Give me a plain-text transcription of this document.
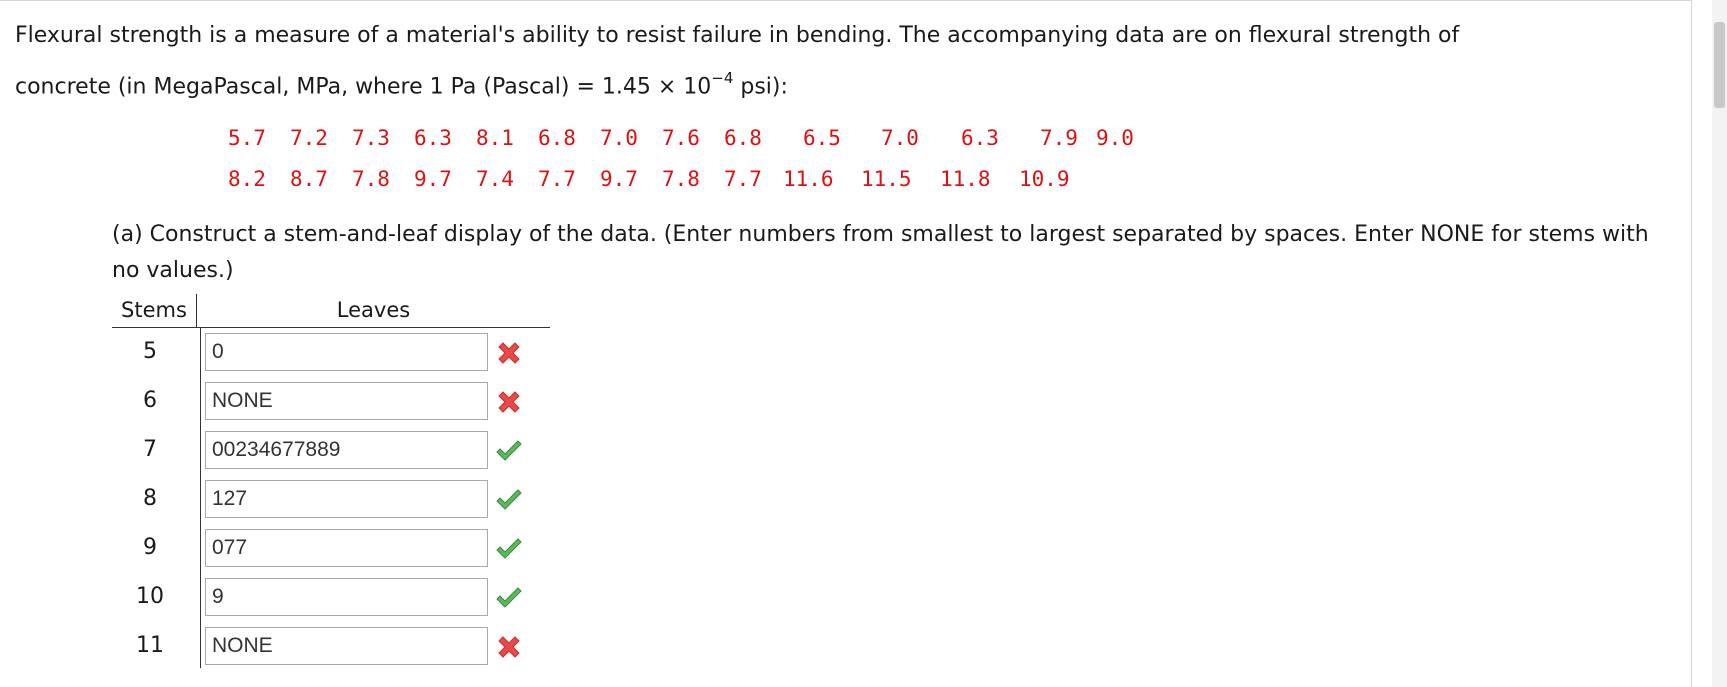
Flexural strength is a measure of a material's ability to resist failure in bending. The accompanying data are on flexural strength of
concrete (in MegaPascal, MPa, where 1 Pa (Pascal) = $1.45 \times 10^{-4}$ psi):
5.7 7.2 7.3 6.3 8.1 6.8 7.0 7.6 6.8 6.5 7.0 6.3 7.9 9.0
8.2 8.7 7.8 9.7 7.4 7.7 9.7 7.8 7.7 11.6 11.5 11.8 10.9
(a) Construct a stem-and-leaf display of the data. (Enter numbers from smallest to largest separated by spaces. Enter NONE for stems with no values.)
Stems	Leaves
5
0
6
NONE
7
00234677889
8
127
9
077
10
9
11
NONE
